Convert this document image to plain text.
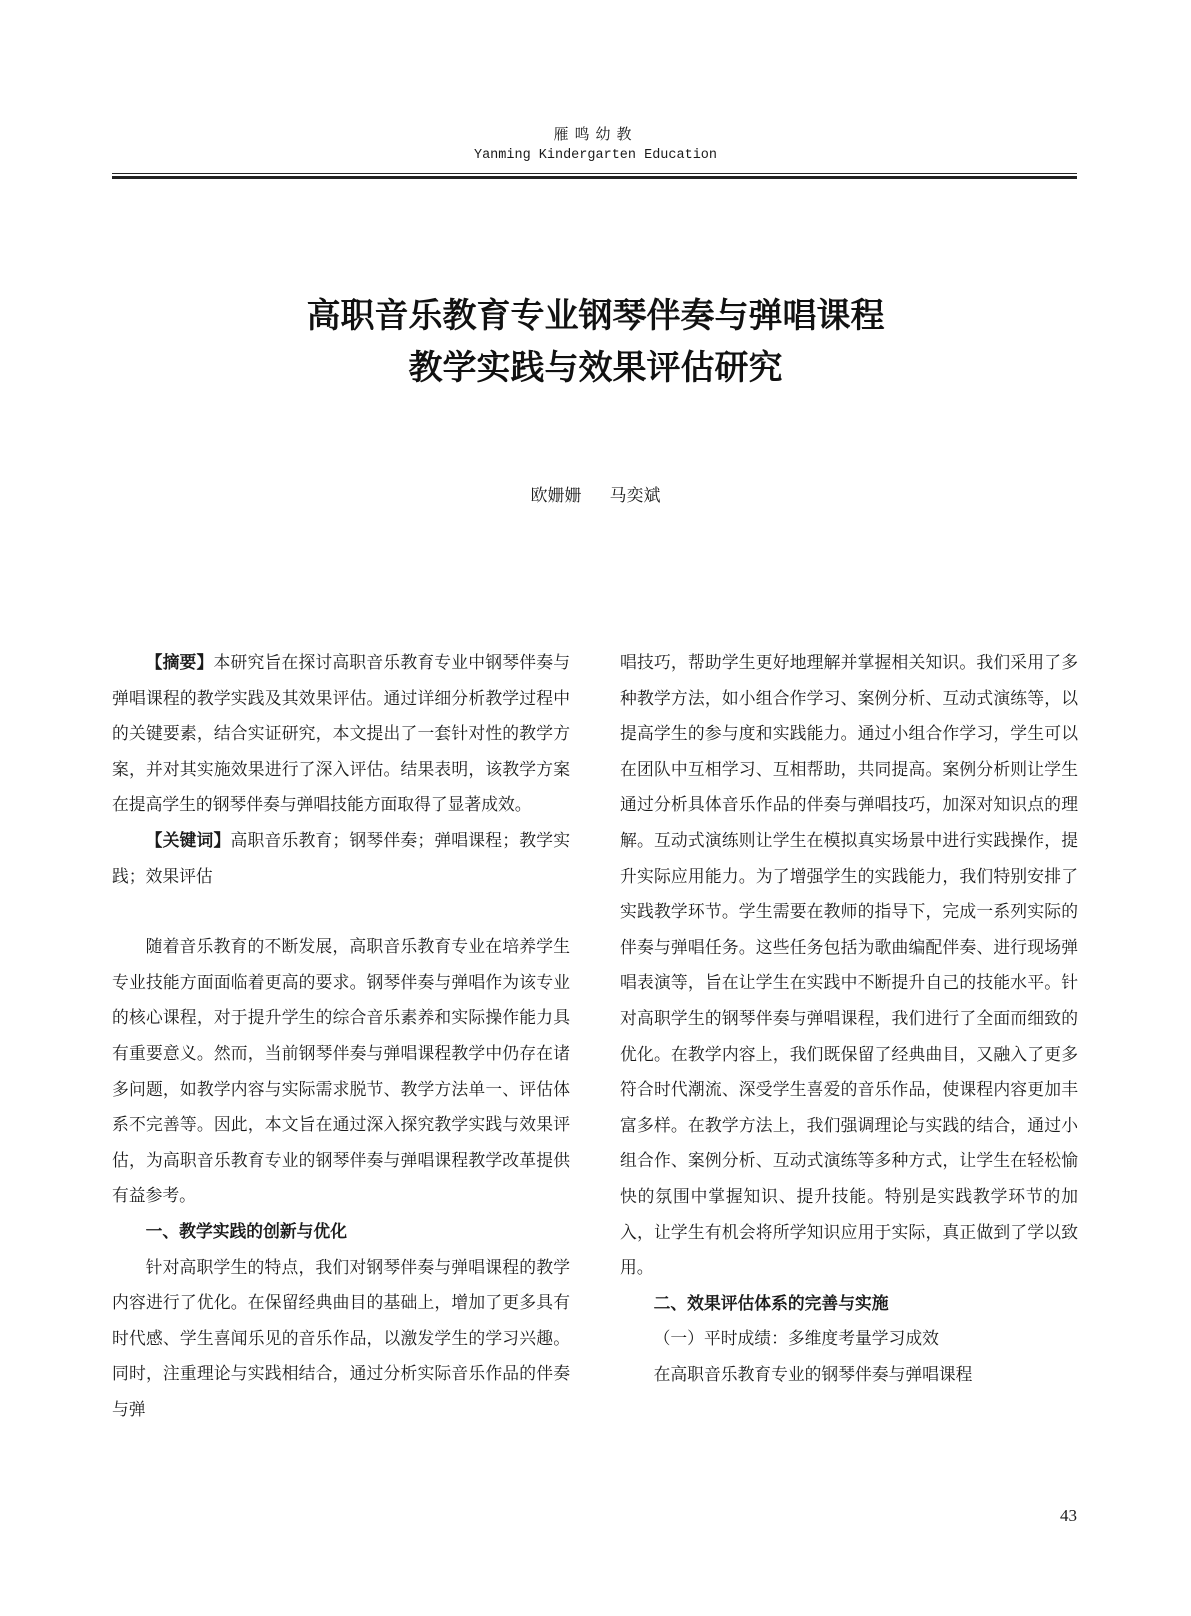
雁鸣幼教
Yanming Kindergarten Education
高职音乐教育专业钢琴伴奏与弹唱课程
教学实践与效果评估研究
欧姗姗 马奕斌

【摘要】本研究旨在探讨高职音乐教育专业中钢琴伴奏与弹唱课程的教学实践及其效果评估。通过详细分析教学过程中的关键要素，结合实证研究，本文提出了一套针对性的教学方案，并对其实施效果进行了深入评估。结果表明，该教学方案在提高学生的钢琴伴奏与弹唱技能方面取得了显著成效。

【关键词】高职音乐教育；钢琴伴奏；弹唱课程；教学实践；效果评估

随着音乐教育的不断发展，高职音乐教育专业在培养学生专业技能方面面临着更高的要求。钢琴伴奏与弹唱作为该专业的核心课程，对于提升学生的综合音乐素养和实际操作能力具有重要意义。然而，当前钢琴伴奏与弹唱课程教学中仍存在诸多问题，如教学内容与实际需求脱节、教学方法单一、评估体系不完善等。因此，本文旨在通过深入探究教学实践与效果评估，为高职音乐教育专业的钢琴伴奏与弹唱课程教学改革提供有益参考。

一、教学实践的创新与优化

针对高职学生的特点，我们对钢琴伴奏与弹唱课程的教学内容进行了优化。在保留经典曲目的基础上，增加了更多具有时代感、学生喜闻乐见的音乐作品，以激发学生的学习兴趣。同时，注重理论与实践相结合，通过分析实际音乐作品的伴奏与弹

唱技巧，帮助学生更好地理解并掌握相关知识。我们采用了多种教学方法，如小组合作学习、案例分析、互动式演练等，以提高学生的参与度和实践能力。通过小组合作学习，学生可以在团队中互相学习、互相帮助，共同提高。案例分析则让学生通过分析具体音乐作品的伴奏与弹唱技巧，加深对知识点的理解。互动式演练则让学生在模拟真实场景中进行实践操作，提升实际应用能力。为了增强学生的实践能力，我们特别安排了实践教学环节。学生需要在教师的指导下，完成一系列实际的伴奏与弹唱任务。这些任务包括为歌曲编配伴奏、进行现场弹唱表演等，旨在让学生在实践中不断提升自己的技能水平。针对高职学生的钢琴伴奏与弹唱课程，我们进行了全面而细致的优化。在教学内容上，我们既保留了经典曲目，又融入了更多符合时代潮流、深受学生喜爱的音乐作品，使课程内容更加丰富多样。在教学方法上，我们强调理论与实践的结合，通过小组合作、案例分析、互动式演练等多种方式，让学生在轻松愉快的氛围中掌握知识、提升技能。特别是实践教学环节的加入，让学生有机会将所学知识应用于实际，真正做到了学以致用。

二、效果评估体系的完善与实施

（一）平时成绩：多维度考量学习成效

在高职音乐教育专业的钢琴伴奏与弹唱课程

43
